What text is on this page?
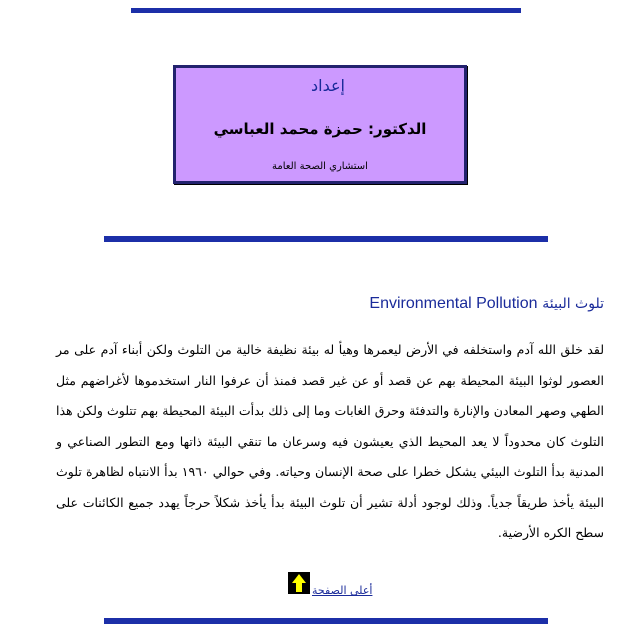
إعداد
الدكتور: حمزة محمد العباسي
استشاري الصحة العامة
تلوث البيئة Environmental Pollution
لقد خلق الله آدم واستخلفه في الأرض ليعمرها وهيأ له بيئة نظيفة خالية من التلوث ولكن أبناء آدم على مر العصور لوثوا البيئة المحيطة بهم عن قصد أو عن غير قصد فمنذ أن عرفوا النار استخدموها لأغراضهم مثل الطهي وصهر المعادن والإنارة والتدفئة وحرق الغابات وما إلى ذلك بدأت البيئة المحيطة بهم تتلوث ولكن هذا التلوث كان محدوداً لا يعد المحيط الذي يعيشون فيه وسرعان ما تنقي البيئة ذاتها ومع التطور الصناعي و المدنية بدأ التلوث البيئي يشكل خطرا على صحة الإنسان وحياته. وفي حوالي ١٩٦٠ بدأ الانتباه لظاهرة تلوث البيئة يأخذ طريقاً جدياً. وذلك لوجود أدلة تشير أن تلوث البيئة بدأ يأخذ شكلاً حرجاً يهدد جميع الكائنات على سطح الكره الأرضية.
أعلى الصفحة
